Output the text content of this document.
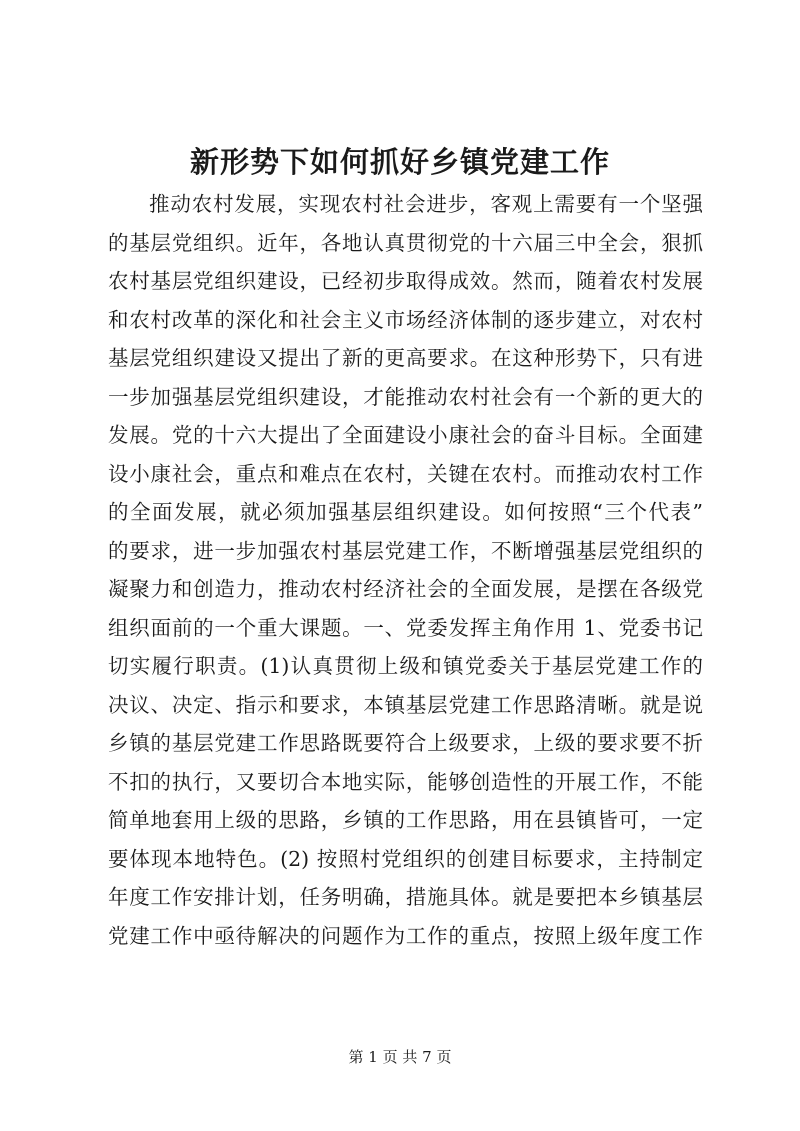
新形势下如何抓好乡镇党建工作
推动农村发展，实现农村社会进步，客观上需要有一个坚强
的基层党组织。近年，各地认真贯彻党的十六届三中全会，狠抓
农村基层党组织建设，已经初步取得成效。然而，随着农村发展
和农村改革的深化和社会主义市场经济体制的逐步建立，对农村
基层党组织建设又提出了新的更高要求。在这种形势下，只有进
一步加强基层党组织建设，才能推动农村社会有一个新的更大的
发展。党的十六大提出了全面建设小康社会的奋斗目标。全面建
设小康社会，重点和难点在农村，关键在农村。而推动农村工作
的全面发展，就必须加强基层组织建设。如何按照“三个代表”
的要求，进一步加强农村基层党建工作，不断增强基层党组织的
凝聚力和创造力，推动农村经济社会的全面发展，是摆在各级党
组织面前的一个重大课题。一、党委发挥主角作用 1、党委书记
切实履行职责。(1)认真贯彻上级和镇党委关于基层党建工作的
决议、决定、指示和要求，本镇基层党建工作思路清晰。就是说
乡镇的基层党建工作思路既要符合上级要求，上级的要求要不折
不扣的执行，又要切合本地实际，能够创造性的开展工作，不能
简单地套用上级的思路，乡镇的工作思路，用在县镇皆可，一定
要体现本地特色。(2) 按照村党组织的创建目标要求，主持制定
年度工作安排计划，任务明确，措施具体。就是要把本乡镇基层
党建工作中亟待解决的问题作为工作的重点，按照上级年度工作
第 1 页 共 7 页
